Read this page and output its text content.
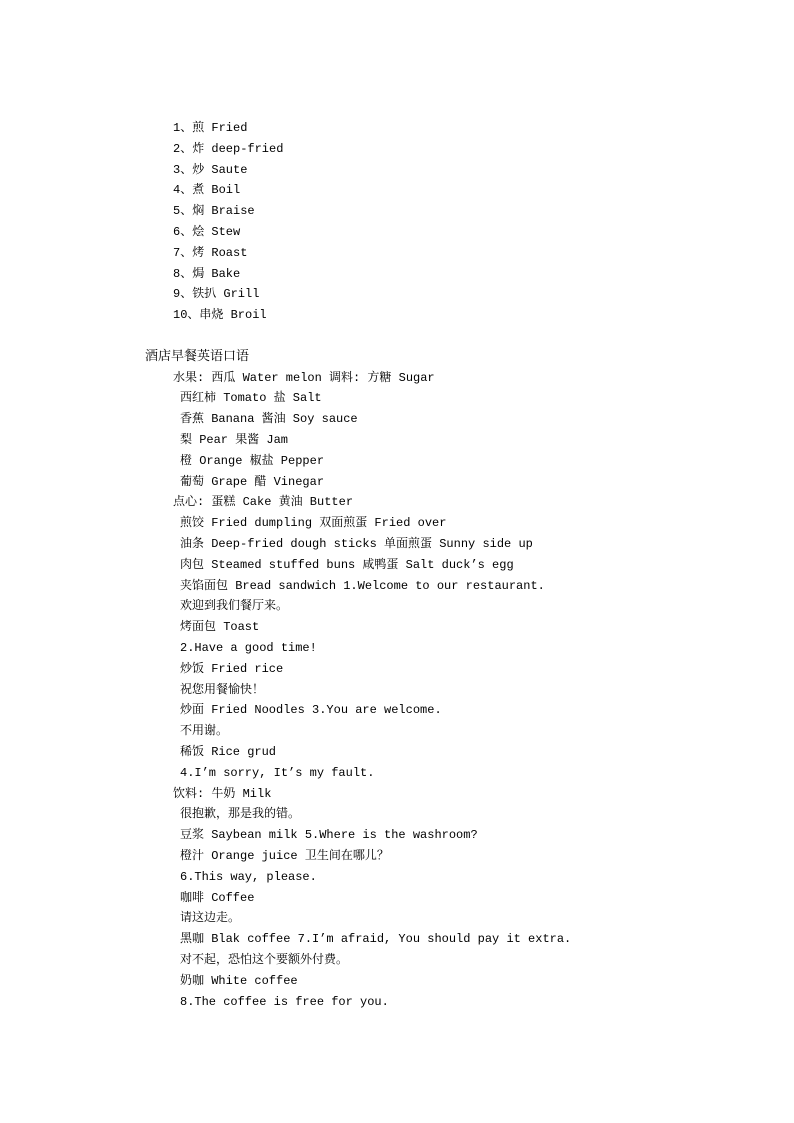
1、煎 Fried
2、炸 deep-fried
3、炒 Saute
4、煮 Boil
5、焖 Braise
6、烩 Stew
7、烤 Roast
8、焗 Bake
9、铁扒 Grill
10、串烧 Broil
酒店早餐英语口语
水果: 西瓜 Water melon 调料: 方糖 Sugar
西红柿 Tomato 盐 Salt
香蕉 Banana 酱油 Soy sauce
梨 Pear 果酱 Jam
橙 Orange 椒盐 Pepper
葡萄 Grape 醋 Vinegar
点心: 蛋糕 Cake 黄油 Butter
煎饺 Fried dumpling 双面煎蛋 Fried over
油条 Deep-fried dough sticks 单面煎蛋 Sunny side up
肉包 Steamed stuffed buns 咸鸭蛋 Salt duck’s egg
夹馅面包 Bread sandwich 1.Welcome to our restaurant.
欢迎到我们餐厅来。
烤面包 Toast
2.Have a good time!
炒饭 Fried rice
祝您用餐愉快！
炒面 Fried Noodles 3.You are welcome.
不用谢。
稀饭 Rice grud
4.I’m sorry, It’s my fault.
饮料: 牛奶 Milk
很抱歉，那是我的错。
豆浆 Saybean milk 5.Where is the washroom?
橙汁 Orange juice 卫生间在哪儿？
6.This way, please.
咖啡 Coffee
请这边走。
黑咖 Blak coffee 7.I’m afraid, You should pay it extra.
对不起，恐怕这个要额外付费。
奶咖 White coffee
8.The coffee is free for you.
